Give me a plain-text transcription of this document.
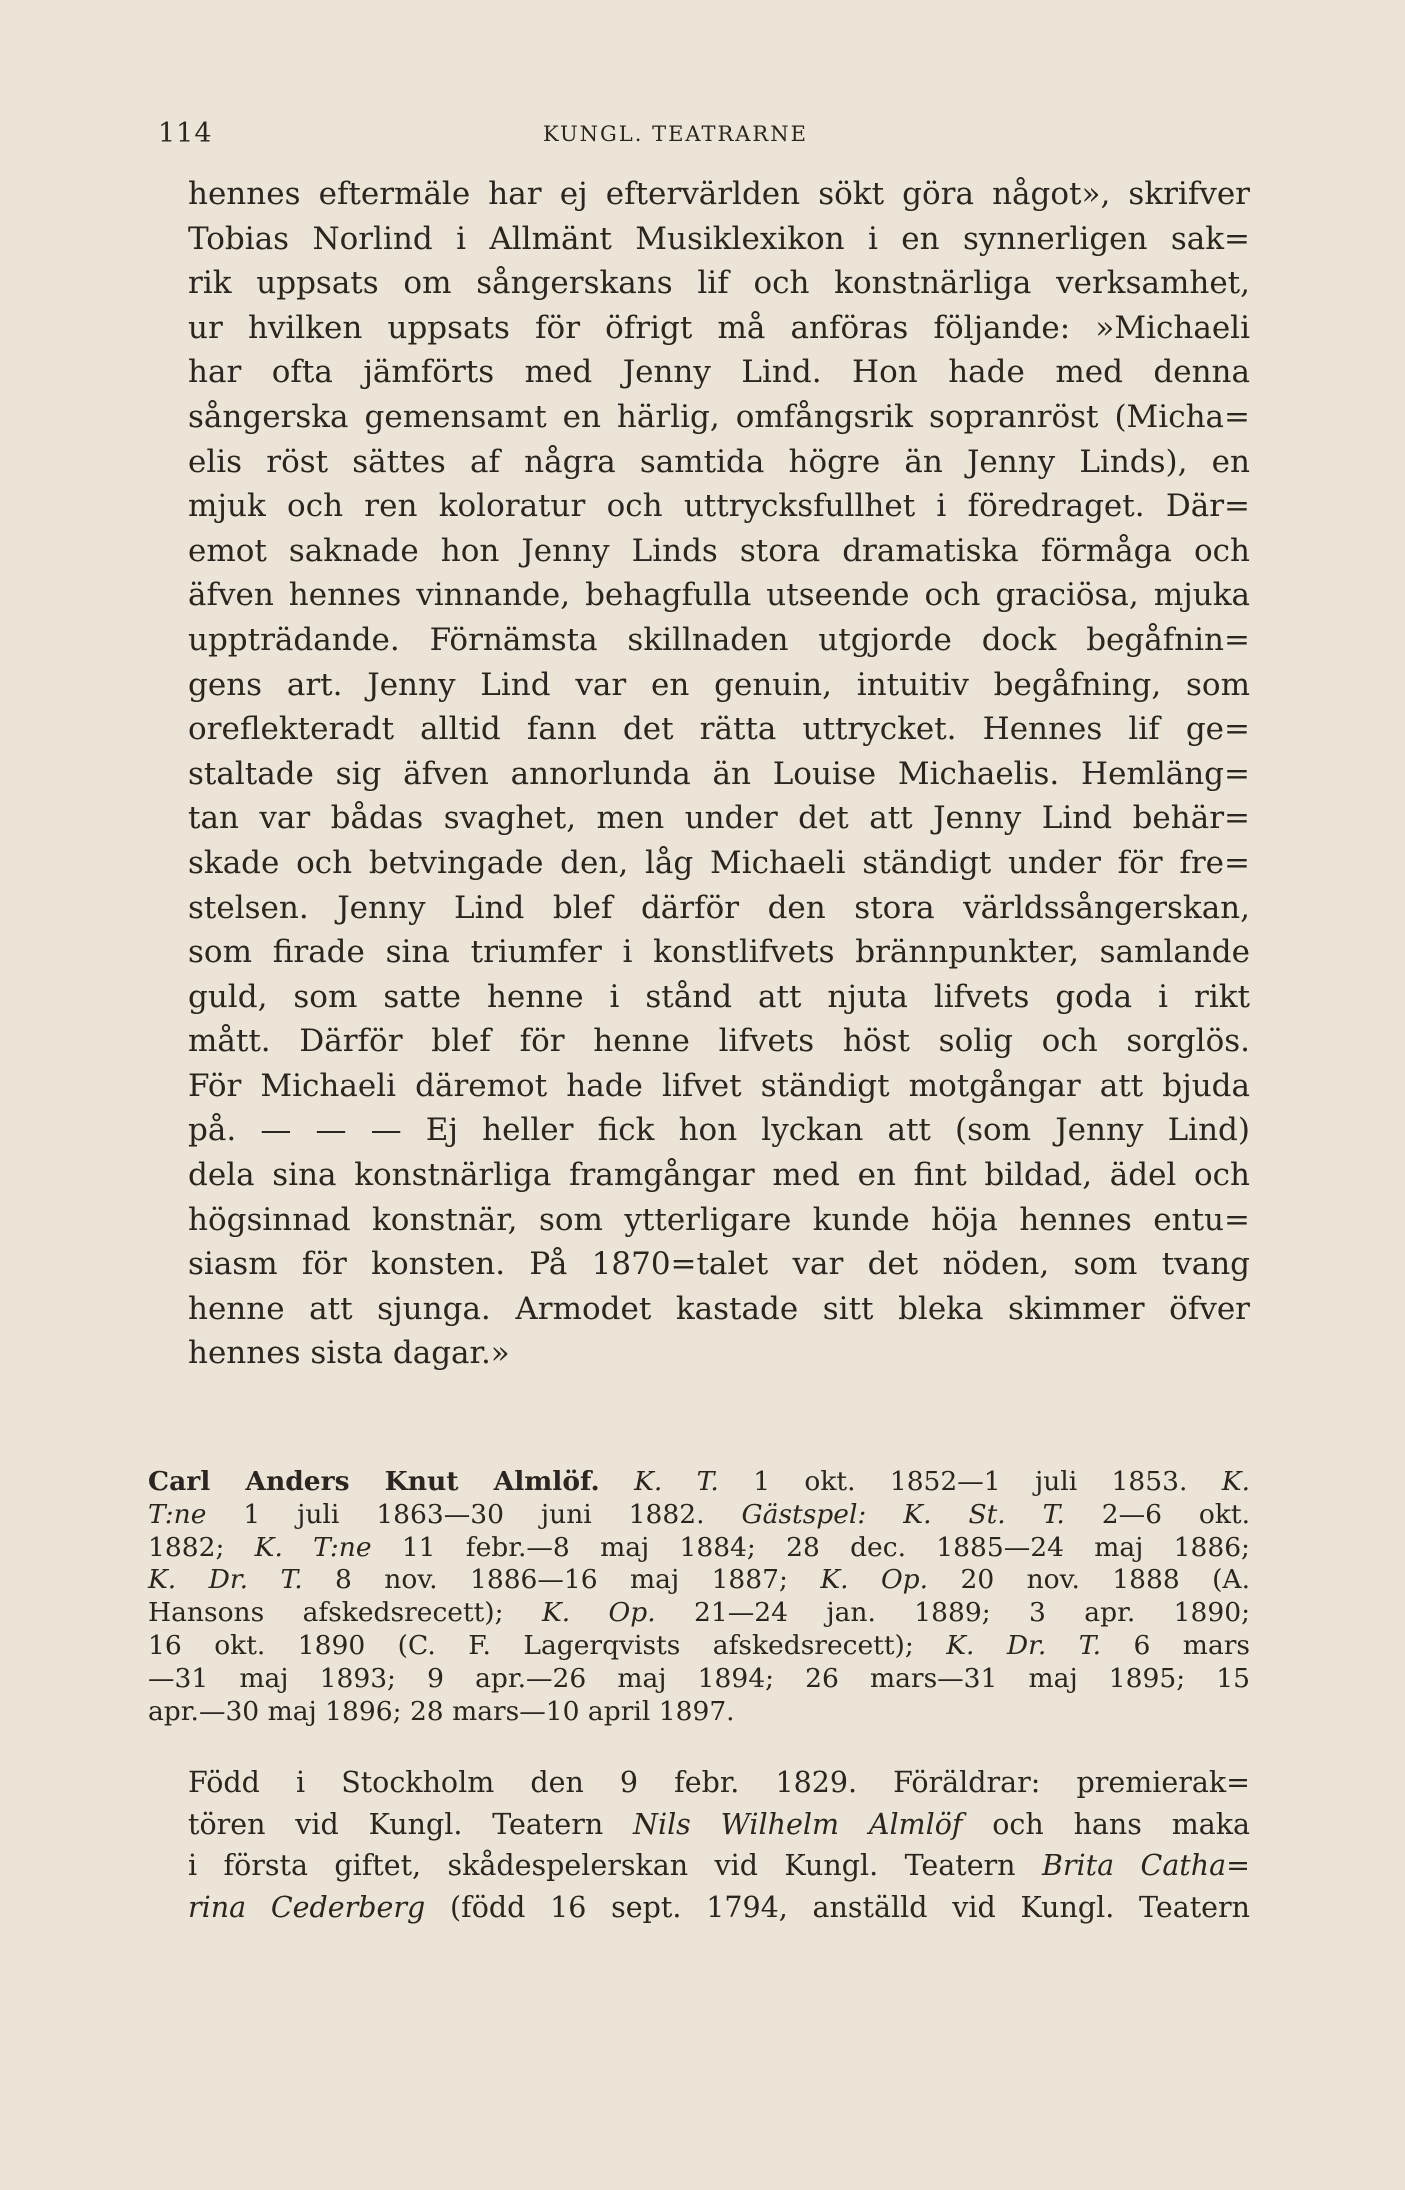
114	KUNGL. TEATRARNE
hennes eftermäle har ej eftervärlden sökt göra något», skrifver
Tobias Norlind i Allmänt Musiklexikon i en synnerligen sak=
rik uppsats om sångerskans lif och konstnärliga verksamhet,
ur hvilken uppsats för öfrigt må anföras följande: »Michaeli
har ofta jämförts med Jenny Lind. Hon hade med denna
sångerska gemensamt en härlig, omfångsrik sopranröst (Micha=
elis röst sättes af några samtida högre än Jenny Linds), en
mjuk och ren koloratur och uttrycksfullhet i föredraget. Där=
emot saknade hon Jenny Linds stora dramatiska förmåga och
äfven hennes vinnande, behagfulla utseende och graciösa, mjuka
uppträdande. Förnämsta skillnaden utgjorde dock begåfnin=
gens art. Jenny Lind var en genuin, intuitiv begåfning, som
oreflekteradt alltid fann det rätta uttrycket. Hennes lif ge=
staltade sig äfven annorlunda än Louise Michaelis. Hemläng=
tan var bådas svaghet, men under det att Jenny Lind behär=
skade och betvingade den, låg Michaeli ständigt under för fre=
stelsen. Jenny Lind blef därför den stora världssångerskan,
som firade sina triumfer i konstlifvets brännpunkter, samlande
guld, som satte henne i stånd att njuta lifvets goda i rikt
mått. Därför blef för henne lifvets höst solig och sorglös.
För Michaeli däremot hade lifvet ständigt motgångar att bjuda
på. — — — Ej heller fick hon lyckan att (som Jenny Lind)
dela sina konstnärliga framgångar med en fint bildad, ädel och
högsinnad konstnär, som ytterligare kunde höja hennes entu=
siasm för konsten. På 1870=talet var det nöden, som tvang
henne att sjunga. Armodet kastade sitt bleka skimmer öfver
hennes sista dagar.»
Carl Anders Knut Almlöf. K. T. 1 okt. 1852—1 juli 1853. K.
T:ne 1 juli 1863—30 juni 1882. Gästspel: K. St. T. 2—6 okt.
1882; K. T:ne 11 febr.—8 maj 1884; 28 dec. 1885—24 maj 1886;
K. Dr. T. 8 nov. 1886—16 maj 1887; K. Op. 20 nov. 1888 (A.
Hansons afskedsrecett); K. Op. 21—24 jan. 1889; 3 apr. 1890;
16 okt. 1890 (C. F. Lagerqvists afskedsrecett); K. Dr. T. 6 mars
—31 maj 1893; 9 apr.—26 maj 1894; 26 mars—31 maj 1895; 15
apr.—30 maj 1896; 28 mars—10 april 1897.
Född i Stockholm den 9 febr. 1829. Föräldrar: premierak=
tören vid Kungl. Teatern Nils Wilhelm Almlöf och hans maka
i första giftet, skådespelerskan vid Kungl. Teatern Brita Catha=
rina Cederberg (född 16 sept. 1794, anställd vid Kungl. Teatern
